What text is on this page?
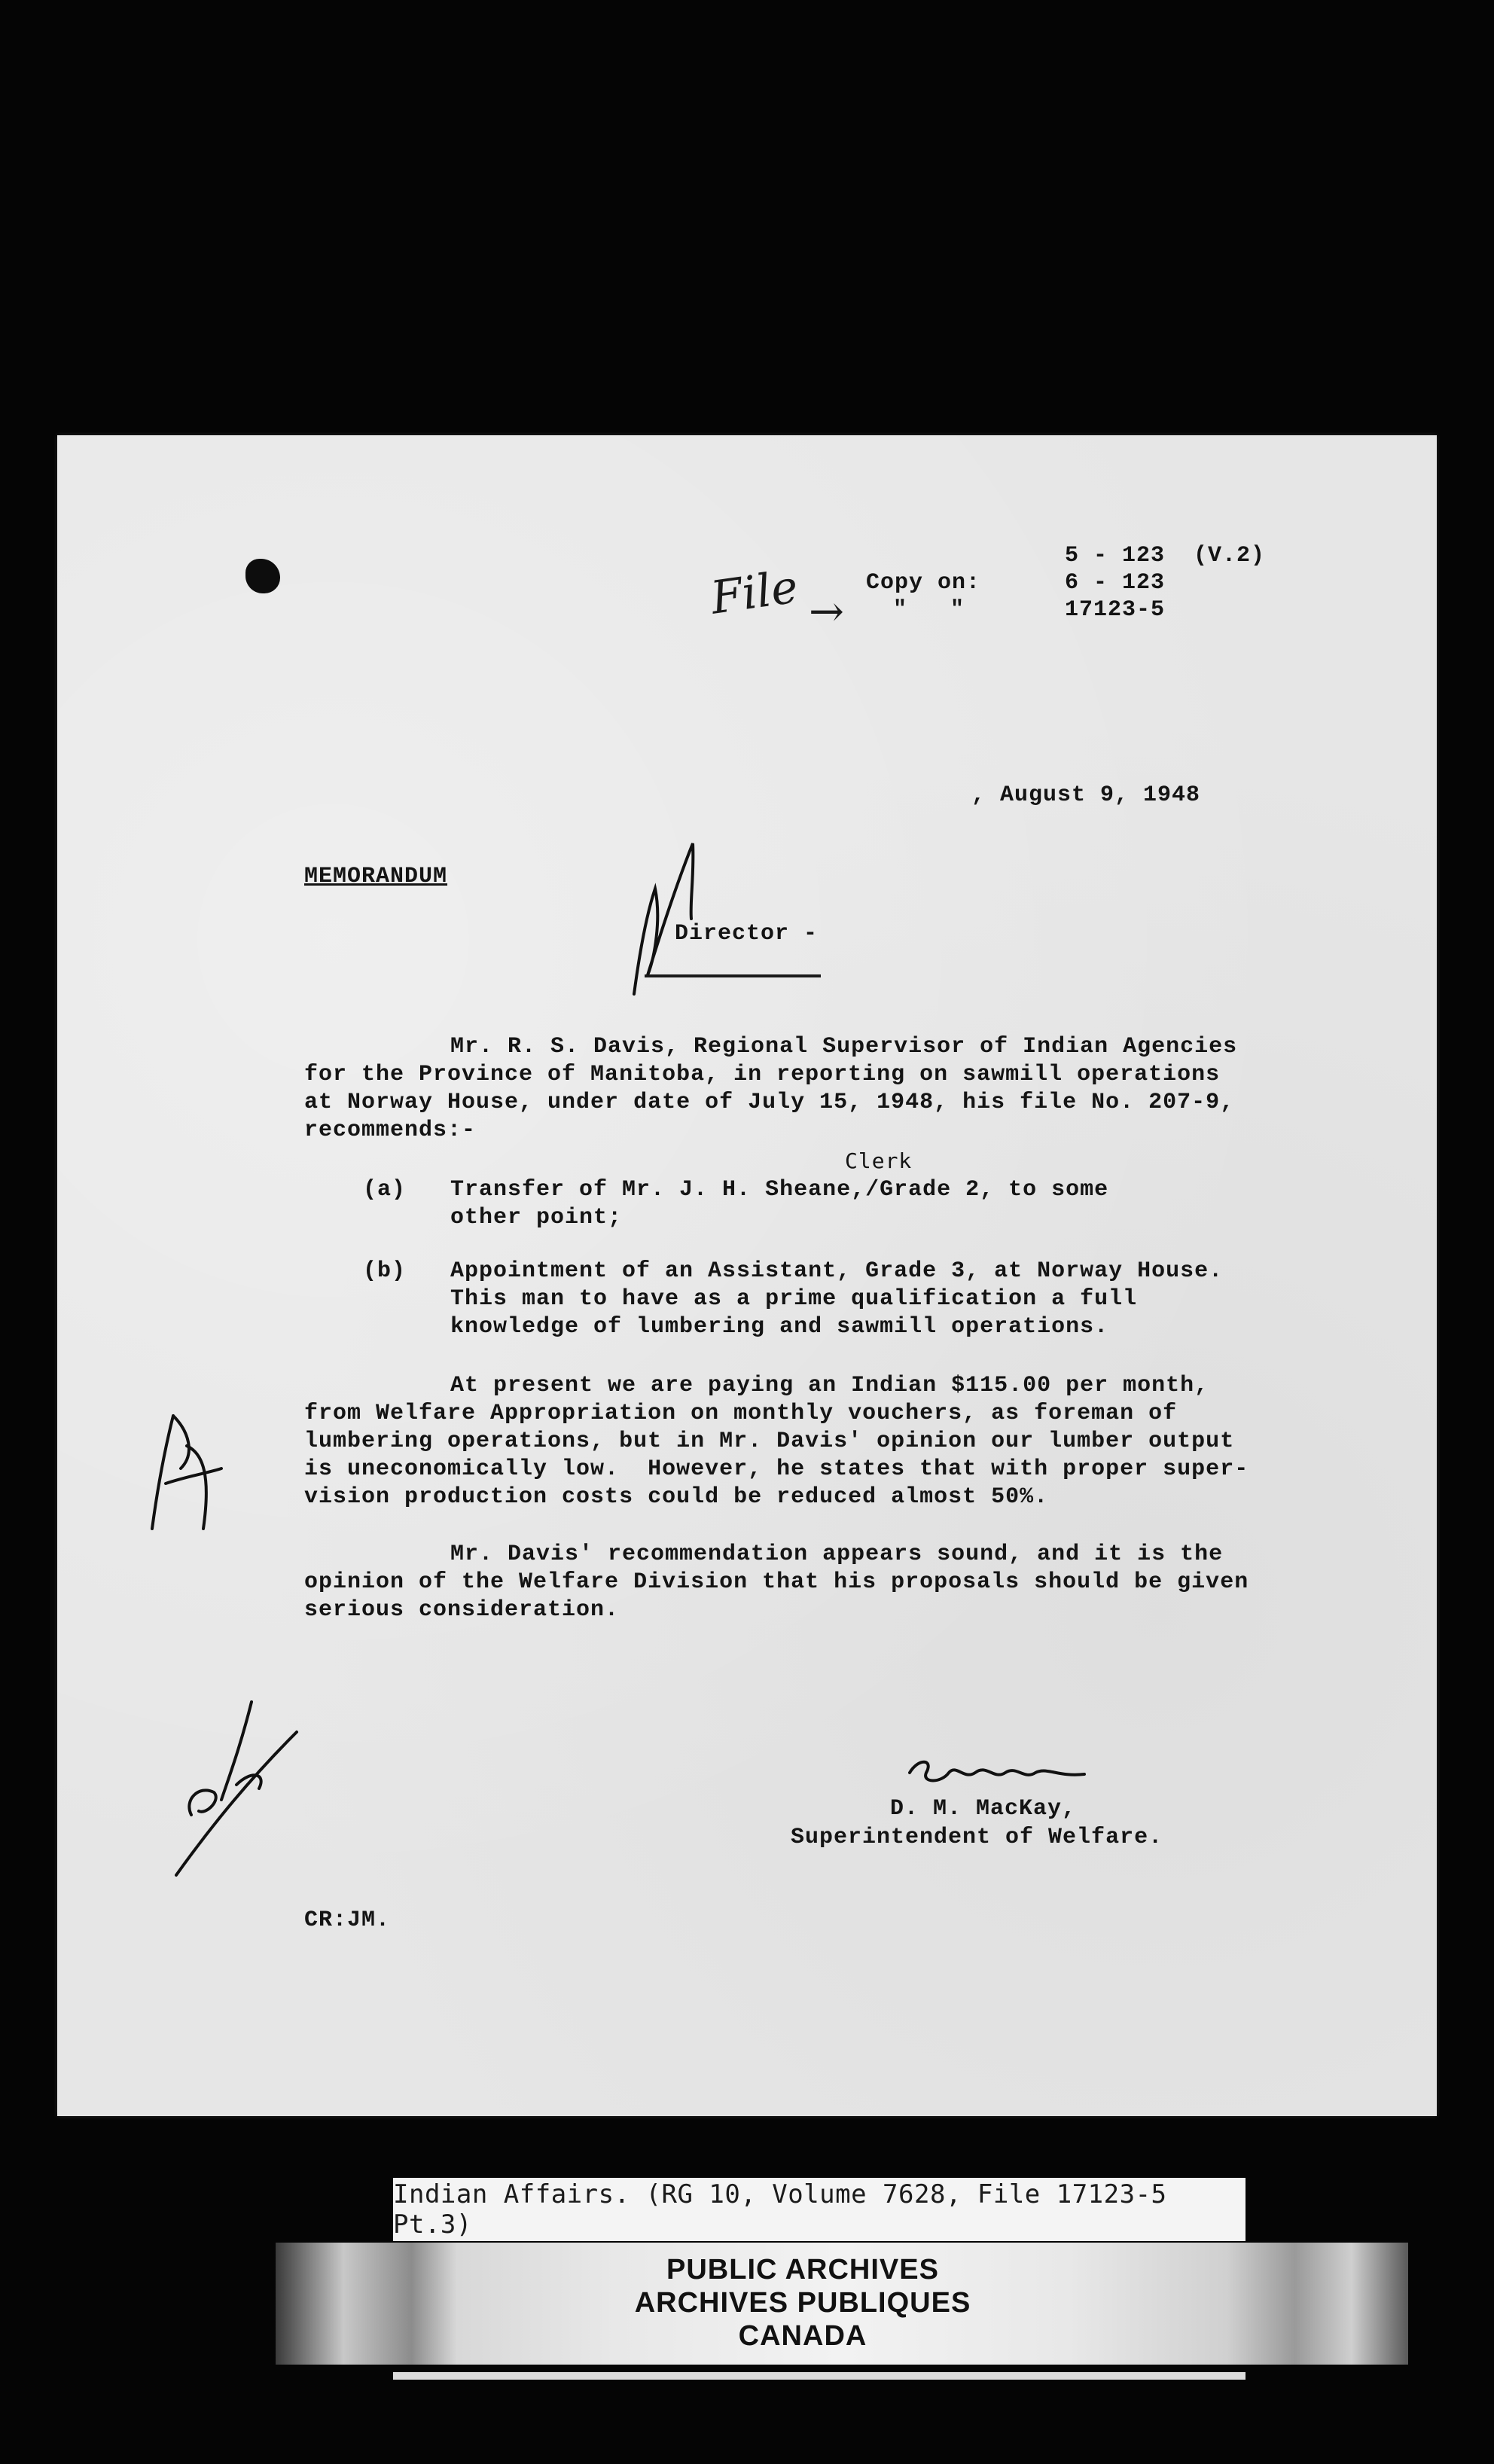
File →
Copy on:
"   "
5 - 123  (V.2)
6 - 123
17123-5
, August 9, 1948
MEMORANDUM
Director -
Mr. R. S. Davis, Regional Supervisor of Indian Agencies
for the Province of Manitoba, in reporting on sawmill operations
at Norway House, under date of July 15, 1948, his file No. 207-9,
recommends:-
Clerk
(a) Transfer of Mr. J. H. Sheane,/Grade 2, to some
other point;
(b) Appointment of an Assistant, Grade 3, at Norway House.
This man to have as a prime qualification a full
knowledge of lumbering and sawmill operations.
At present we are paying an Indian $115.00 per month,
from Welfare Appropriation on monthly vouchers, as foreman of
lumbering operations, but in Mr. Davis' opinion our lumber output
is uneconomically low.  However, he states that with proper super-
vision production costs could be reduced almost 50%.
Mr. Davis' recommendation appears sound, and it is the
opinion of the Welfare Division that his proposals should be given
serious consideration.
D. M. MacKay,
Superintendent of Welfare.
CR:JM.
Indian Affairs. (RG 10, Volume 7628, File 17123-5 Pt.3)
PUBLIC ARCHIVES
ARCHIVES PUBLIQUES
CANADA
